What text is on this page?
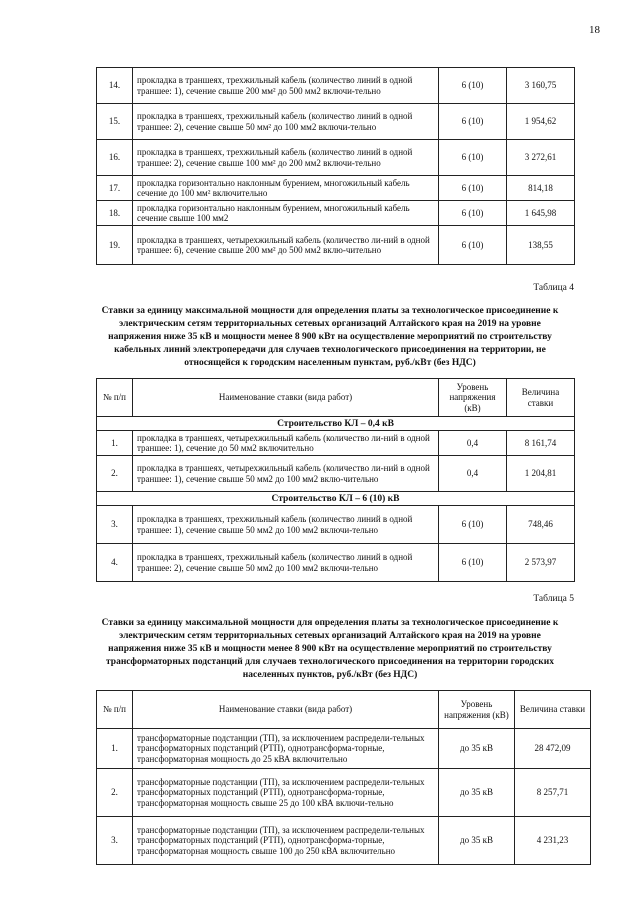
18
14.	прокладка в траншеях, трехжильный кабель (количество линий в одной траншее: 1), сечение свыше 200 мм² до 500 мм2 включи-тельно	6 (10)	3 160,75
15.	прокладка в траншеях, трехжильный кабель (количество линий в одной траншее: 2), сечение свыше 50 мм² до 100 мм2 включи-тельно	6 (10)	1 954,62
16.	прокладка в траншеях, трехжильный кабель (количество линий в одной траншее: 2), сечение свыше 100 мм² до 200 мм2 включи-тельно	6 (10)	3 272,61
17.	прокладка горизонтально наклонным бурением, многожильный кабель сечение до 100 мм² включительно	6 (10)	814,18
18.	прокладка горизонтально наклонным бурением, многожильный кабель сечение свыше 100 мм2	6 (10)	1 645,98
19.	прокладка в траншеях, четырехжильный кабель (количество ли-ний в одной траншее: 6), сечение свыше 200 мм² до 500 мм2 вклю-чительно	6 (10)	138,55
Таблица 4
Ставки за единицу максимальной мощности для определения платы за технологическое присоединение к электрическим сетям территориальных сетевых организаций Алтайского края на 2019 на уровне напряжения ниже 35 кВ и мощности менее 8 900 кВт на осуществление мероприятий по строительству кабельных линий электропередачи для случаев технологического присоединения на территории, не относящейся к городским населенным пунктам, руб./кВт (без НДС)
№ п/п	Наименование ставки (вида работ)	Уровень напряжения (кВ)	Величина ставки
Строительство КЛ – 0,4 кВ			
1.	прокладка в траншеях, четырехжильный кабель (количество ли-ний в одной траншее: 1), сечение до 50 мм2 включительно	0,4	8 161,74
2.	прокладка в траншеях, четырехжильный кабель (количество ли-ний в одной траншее: 1), сечение свыше 50 мм2 до 100 мм2 вклю-чительно	0,4	1 204,81
Строительство КЛ – 6 (10) кВ			
3.	прокладка в траншеях, трехжильный кабель (количество линий в одной траншее: 1), сечение свыше 50 мм2 до 100 мм2 включи-тельно	6 (10)	748,46
4.	прокладка в траншеях, трехжильный кабель (количество линий в одной траншее: 2), сечение свыше 50 мм2 до 100 мм2 включи-тельно	6 (10)	2 573,97
Таблица 5
Ставки за единицу максимальной мощности для определения платы за технологическое присоединение к электрическим сетям территориальных сетевых организаций Алтайского края на 2019 на уровне напряжения ниже 35 кВ и мощности менее 8 900 кВт на осуществление мероприятий по строительству трансформаторных подстанций для случаев технологического присоединения на территории городских населенных пунктов, руб./кВт (без НДС)
№ п/п	Наименование ставки (вида работ)	Уровень напряжения (кВ)	Величина ставки
1.	трансформаторные подстанции (ТП), за исключением распредели-тельных трансформаторных подстанций (РТП), однотрансформа-торные, трансформаторная мощность до 25 кВА включительно	до 35 кВ	28 472,09
2.	трансформаторные подстанции (ТП), за исключением распредели-тельных трансформаторных подстанций (РТП), однотрансформа-торные, трансформаторная мощность свыше 25 до 100 кВА включи-тельно	до 35 кВ	8 257,71
3.	трансформаторные подстанции (ТП), за исключением распредели-тельных трансформаторных подстанций (РТП), однотрансформа-торные, трансформаторная мощность свыше 100 до 250 кВА включительно	до 35 кВ	4 231,23
